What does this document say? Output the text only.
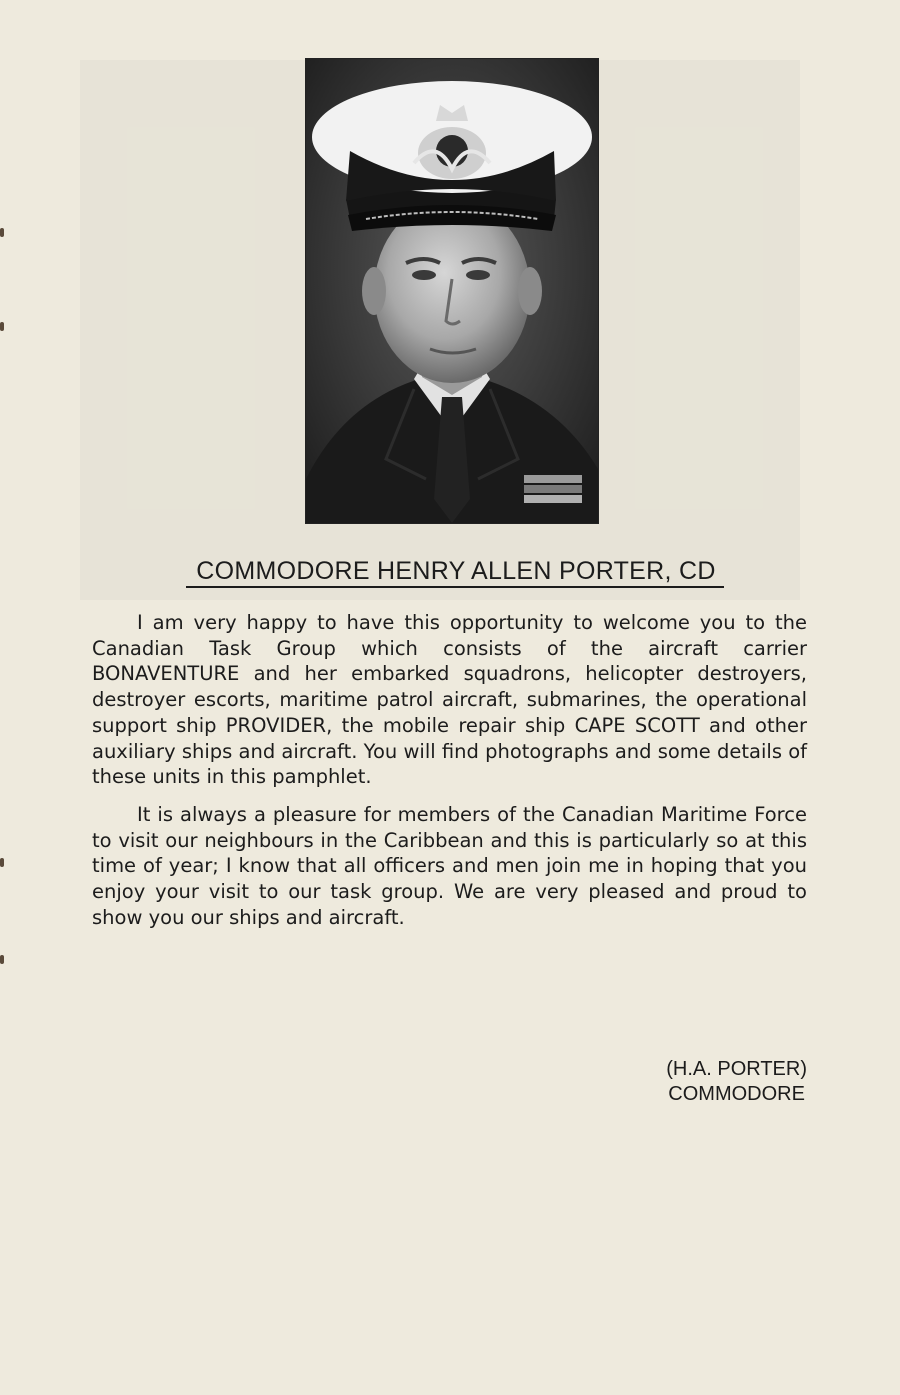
COMMODORE HENRY ALLEN PORTER, CD

I am very happy to have this opportunity to welcome you to the Canadian Task Group which consists of the aircraft carrier BONAVENTURE and her embarked squadrons, helicopter destroyers, destroyer escorts, maritime patrol aircraft, submarines, the operational support ship PROVIDER, the mobile repair ship CAPE SCOTT and other auxiliary ships and aircraft. You will find photographs and some details of these units in this pamphlet.

It is always a pleasure for members of the Canadian Maritime Force to visit our neighbours in the Caribbean and this is particularly so at this time of year; I know that all officers and men join me in hoping that you enjoy your visit to our task group. We are very pleased and proud to show you our ships and aircraft.

(H.A. PORTER)
COMMODORE
